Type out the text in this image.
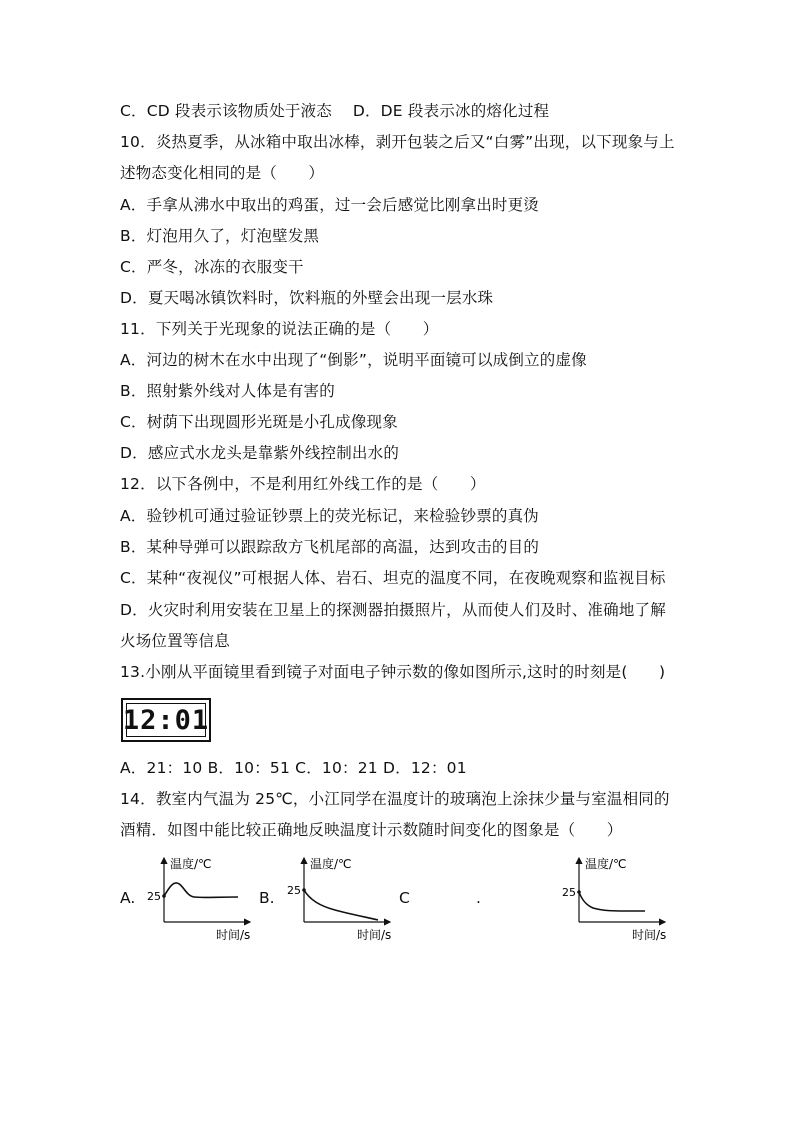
C．CD 段表示该物质处于液态　 D．DE 段表示冰的熔化过程
10．炎热夏季，从冰箱中取出冰棒，剥开包装之后又“白雾”出现，以下现象与上
述物态变化相同的是（　　）
A．手拿从沸水中取出的鸡蛋，过一会后感觉比刚拿出时更烫
B．灯泡用久了，灯泡壁发黑
C．严冬，冰冻的衣服变干
D．夏天喝冰镇饮料时，饮料瓶的外壁会出现一层水珠
11．下列关于光现象的说法正确的是（　　）
A．河边的树木在水中出现了“倒影”，说明平面镜可以成倒立的虚像
B．照射紫外线对人体是有害的
C．树荫下出现圆形光斑是小孔成像现象
D．感应式水龙头是靠紫外线控制出水的
12．以下各例中，不是利用红外线工作的是（　　）
A．验钞机可通过验证钞票上的荧光标记，来检验钞票的真伪
B．某种导弹可以跟踪敌方飞机尾部的高温，达到攻击的目的
C．某种“夜视仪”可根据人体、岩石、坦克的温度不同，在夜晚观察和监视目标
D．火灾时利用安装在卫星上的探测器拍摄照片，从而使人们及时、准确地了解
火场位置等信息
13.小刚从平面镜里看到镜子对面电子钟示数的像如图所示,这时的时刻是(　　)
12:01
A．21：10 B．10：51 C．10：21 D．12：01
14．教室内气温为 25℃，小江同学在温度计的玻璃泡上涂抹少量与室温相同的
酒精．如图中能比较正确地反映温度计示数随时间变化的图象是（　　）
A. 25
温度/℃
时间/s
B. 25
温度/℃
时间/s
C	.	25
温度/℃
时间/s
